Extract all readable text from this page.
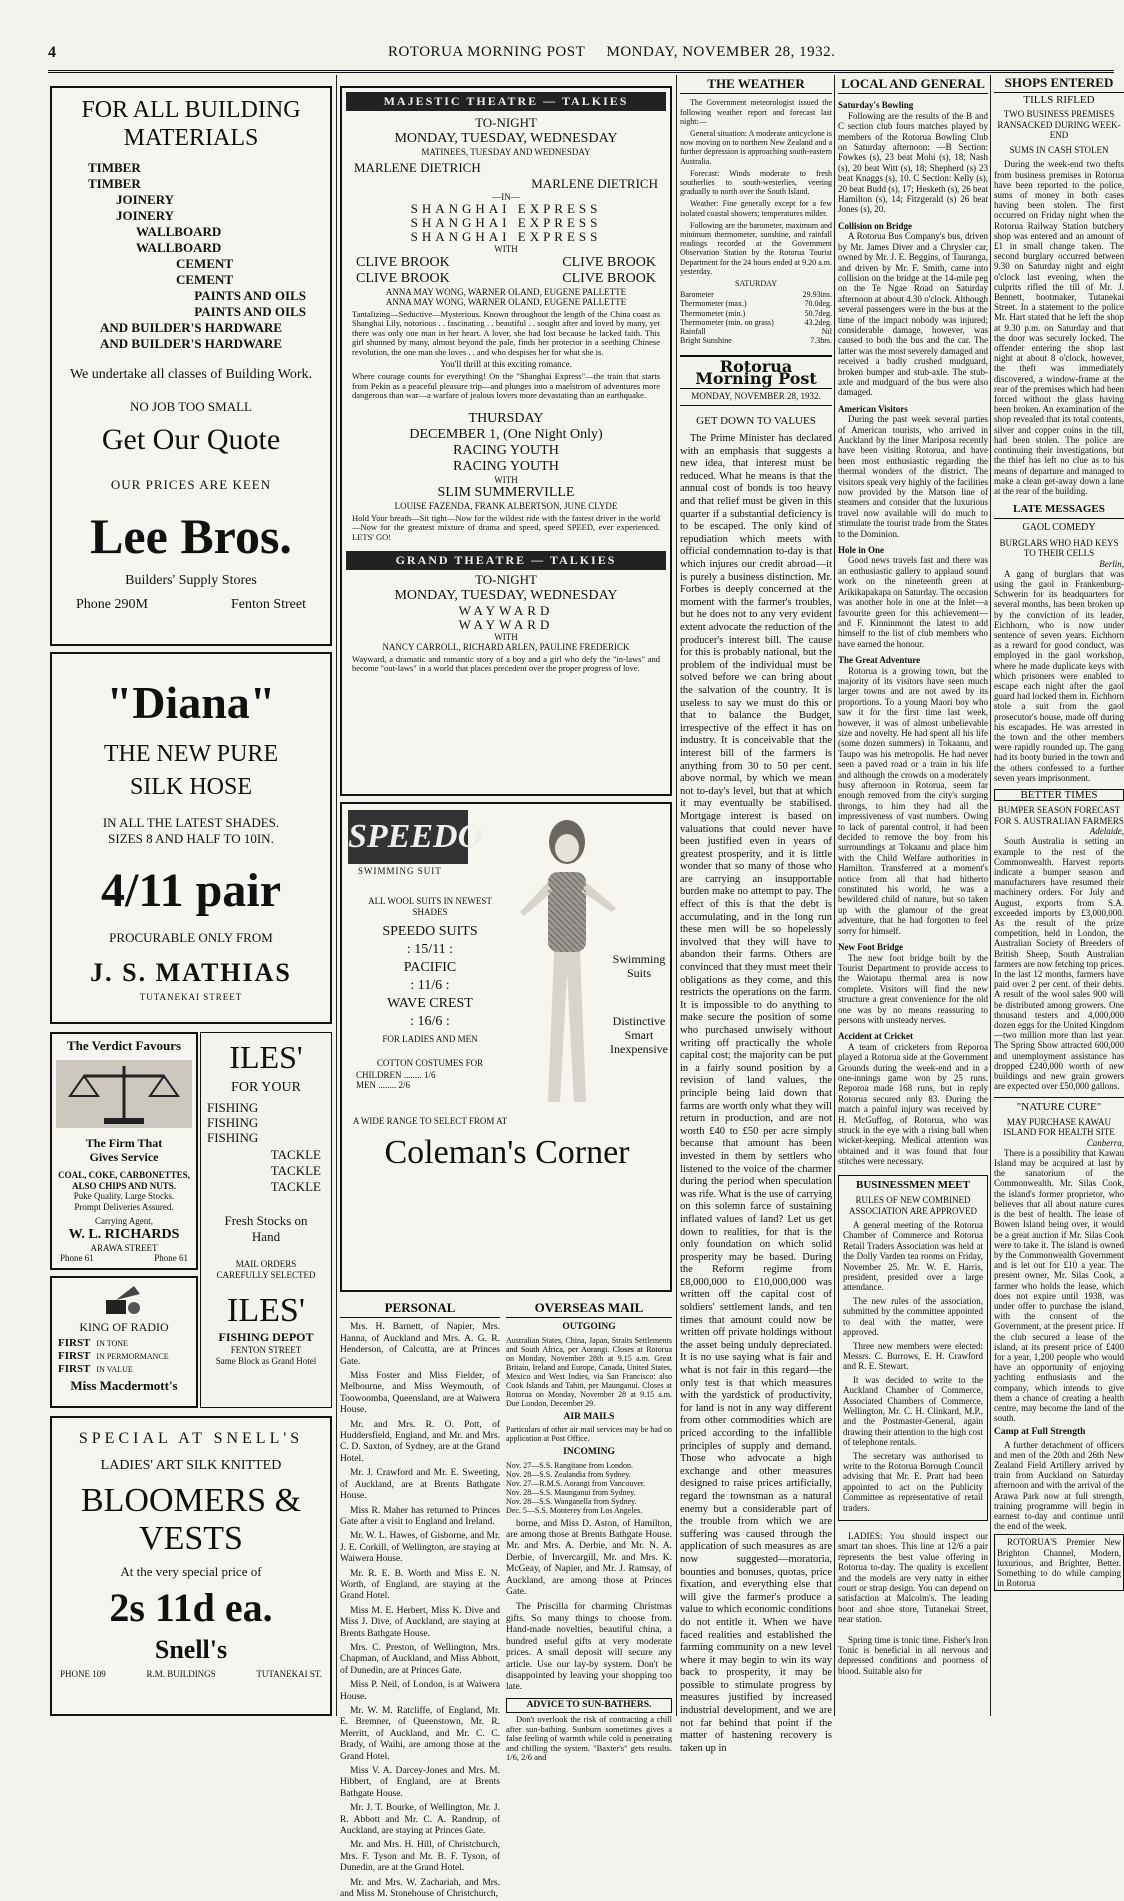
4	ROTORUA MORNING POST MONDAY, NOVEMBER 28, 1932.
FOR ALL BUILDING MATERIALS
TIMBER
TIMBER
JOINERY
JOINERY
WALLBOARD
WALLBOARD
CEMENT
CEMENT
PAINTS AND OILS
PAINTS AND OILS
AND BUILDER'S HARDWARE
AND BUILDER'S HARDWARE
We undertake all classes of Building Work.
NO JOB TOO SMALL
Get Our Quote
OUR PRICES ARE KEEN
Lee Bros.
Builders' Supply Stores
Phone 290M	Fenton Street
"Diana"
THE NEW PURE
SILK HOSE
IN ALL THE LATEST SHADES.
SIZES 8 AND HALF TO 10IN.
4/11 pair
PROCURABLE ONLY FROM
J. S. MATHIAS
TUTANEKAI STREET
The Verdict Favours
The Firm That Gives Service
COAL, COKE, CARBONETTES, ALSO CHIPS AND NUTS.
Puke Quality. Large Stocks.
Prompt Deliveries Assured.
Carrying Agent,
W. L. RICHARDS
ARAWA STREET
Phone 61	Phone 61
KING OF RADIO
FIRST IN TONE
FIRST IN PERMORMANCE
FIRST IN VALUE
Miss Macdermott's
ILES'
FOR YOUR
FISHING
FISHING
FISHING
TACKLE
TACKLE
TACKLE
Fresh Stocks on Hand
MAIL ORDERS CAREFULLY SELECTED
ILES'
FISHING DEPOT
FENTON STREET
Same Block as Grand Hotel
SPECIAL AT SNELL'S
LADIES' ART SILK KNITTED
BLOOMERS &
VESTS
At the very special price of
2s 11d ea.
Snell's
PHONE 109	R.M. BUILDINGS	TUTANEKAI ST.
MAJESTIC THEATRE — TALKIES
TO-NIGHT
MONDAY, TUESDAY, WEDNESDAY
MATINEES, TUESDAY AND WEDNESDAY
MARLENE DIETRICH
MARLENE DIETRICH
—IN—
SHANGHAI EXPRESS
SHANGHAI EXPRESS
SHANGHAI EXPRESS
WITH
CLIVE BROOK	CLIVE BROOK
CLIVE BROOK	CLIVE BROOK
ANNA MAY WONG, WARNER OLAND, EUGENE PALLETTE
ANNA MAY WONG, WARNER OLAND, EUGENE PALLETTE
Tantalizing—Seductive—Mysterious. Known throughout the length of the China coast as Shanghai Lily, notorious . . fascinating . . beautiful . . sought after and loved by many, yet there was only one man in her heart. A lover, she had lost because he lacked faith. This girl shunned by many, almost beyond the pale, finds her protector in a seething Chinese revolution, the one man she loves . . and who despises her for what she is.
You'll thrill at this exciting romance.
Where courage counts for everything! On the "Shanghai Express"—the train that starts from Pekin as a peaceful pleasure trip—and plunges into a maelstrom of adventures more dangerous than war—a warfare of jealous lovers more devastating than an earthquake.
THURSDAY
DECEMBER 1, (One Night Only)
RACING YOUTH
RACING YOUTH
WITH
SLIM SUMMERVILLE
LOUISE FAZENDA, FRANK ALBERTSON, JUNE CLYDE
Hold Your breath—Sit tight—Now for the wildest ride with the fastest driver in the world—Now for the greatest mixture of drama and speed, speed SPEED, ever experienced. LETS' GO!
GRAND THEATRE — TALKIES
TO-NIGHT
MONDAY, TUESDAY, WEDNESDAY
WAYWARD
WAYWARD
WITH
NANCY CARROLL, RICHARD ARLEN, PAULINE FREDERICK
Wayward, a dramatic and romantic story of a boy and a girl who defy the "in-laws" and become "out-laws" in a world that places precedent over the proper progress of love.
SPEEDO
SWIMMING SUIT
ALL WOOL SUITS IN NEWEST SHADES
SPEEDO SUITS
: 15/11 :
PACIFIC
: 11/6 :
WAVE CREST
: 16/6 :
FOR LADIES AND MEN
COTTON COSTUMES FOR
CHILDREN ........ 1/6
MEN ........ 2/6
Swimming Suits
Distinctive Smart Inexpensive
A WIDE RANGE TO SELECT FROM AT
Coleman's Corner
PERSONAL

Mrs. H. Barnett, of Napier, Mrs. Hanna, of Auckland and Mrs. A. G. R. Henderson, of Calcutta, are at Princes Gate.

Miss Foster and Miss Fielder, of Melbourne, and Miss Weymouth, of Toowoomba, Queensland, are at Waiwera House.

Mr. and Mrs. R. O. Pott, of Huddersfield, England, and Mr. and Mrs. C. D. Saxton, of Sydney, are at the Grand Hotel.

Mr. J. Crawford and Mr. E. Sweeting, of Auckland, are at Brents Bathgate House.

Miss R. Maher has returned to Princes Gate after a visit to England and Ireland.

Mr. W. L. Hawes, of Gisborne, and Mr. J. E. Corkill, of Wellington, are staying at Waiwera House.

Mr. R. E. B. Worth and Miss E. N. Worth, of England, are staying at the Grand Hotel.

Miss M. E. Herbert, Miss K. Dive and Miss J. Dive, of Auckland, are staying at Brents Bathgate House.

Mrs. C. Preston, of Wellington, Mrs. Chapman, of Auckland, and Miss Abbott, of Dunedin, are at Princes Gate.

Miss P. Neil, of London, is at Waiwera House.

Mr. W. M. Ratcliffe, of England, Mr. E. Bremner, of Queenstown, Mr. R. Merritt, of Auckland, and Mr. C. C. Brady, of Waihi, are among those at the Grand Hotel.

Miss V. A. Darcey-Jones and Mrs. M. Hibbert, of England, are at Brents Bathgate House.

Mr. J. T. Bourke, of Wellington, Mr. J. R. Abbott and Mr. C. A. Randrup, of Auckland, are staying at Princes Gate.

Mr. and Mrs. H. Hill, of Christchurch, Mrs. F. Tyson and Mr. B. F. Tyson, of Dunedin, are at the Grand Hotel.

Mr. and Mrs. W. Zachariah, and Mrs. and Miss M. Stonehouse of Christchurch,

OVERSEAS MAIL
OUTGOING
Australian States, China, Japan, Straits Settlements and South Africa, per Aorangi. Closes at Rotorua on Monday, November 28th at 9.15 a.m. Great Britain, Ireland and Europe, Canada, United States, Mexico and West Indies, via San Francisco: also Cook Islands and Tahiti, per Maunganui. Closes at Rotorua on Monday, November 28 at 9.15 a.m. Due London, December 29.
AIR MAILS
Particulars of other air mail services may be had on application at Post Office.
INCOMING
Nov. 27—S.S. Rangitane from London.
Nov. 28—S.S. Zealandia from Sydney.
Nov. 27—R.M.S. Aorangi from Vancouver.
Nov. 28—S.S. Maunganui from Sydney.
Nov. 28—S.S. Wanganella from Sydney.
Dec. 5—S.S. Monterey from Los Angeles.

borne, and Miss D. Aston, of Hamilton, are among those at Brents Bathgate House. Mr. and Mrs. A. Derbie, and Mr. N. A. Derbie, of Invercargill, Mr. and Mrs. K. McGeay, of Napier, and Mr. J. Ramsay, of Auckland, are among those at Princes Gate.

The Priscilla for charming Christmas gifts. So many things to choose from. Hand-made novelties, beautiful china, a hundred useful gifts at very moderate prices. A small deposit will secure any article. Use our lay-by system. Don't be disappointed by leaving your shopping too late.

ADVICE TO SUN-BATHERS.

Don't overlook the risk of contracting a chill after sun-bathing. Sunburn sometimes gives a false feeling of warmth while cold is penetrating and chilling the system. "Baxter's" gets results. 1/6, 2/6 and

THE WEATHER

The Government meteorologist issued the following weather report and forecast last night:—

General situation: A moderate anticyclone is now moving on to northern New Zealand and a further depression is approaching south-eastern Australia.

Forecast: Winds moderate to fresh southerlies to south-westerlies, veering gradually to north over the South Island.

Weather: Fine generally except for a few isolated coastal showers; temperatures milder.

Following are the barometer, maximum and minimum thermometer, sunshine, and rainfall readings recorded at the Government Observation Station by the Rotorua Tourist Department for the 24 hours ended at 9.20 a.m. yesterday.

SATURDAY
Barometer	29.93ins.
Thermometer (max.)	70.0deg.
Thermometer (min.)	50.7deg.
Thermometer (min. on grass)	43.2deg.
Rainfall	Nil
Bright Sunshine	7.3hrs.
Rotorua Morning Post
MONDAY, NOVEMBER 28, 1932.
GET DOWN TO VALUES

The Prime Minister has declared with an emphasis that suggests a new idea, that interest must be reduced. What he means is that the annual cost of bonds is too heavy and that relief must be given in this quarter if a substantial deficiency is to be escaped. The only kind of repudiation which meets with official condemnation to-day is that which injures our credit abroad—it is purely a business distinction. Mr. Forbes is deeply concerned at the moment with the farmer's troubles, but he does not to any very evident extent advocate the reduction of the producer's interest bill. The cause for this is probably national, but the problem of the individual must be solved before we can bring about the salvation of the country. It is useless to say we must do this or that to balance the Budget, irrespective of the effect it has on industry. It is conceivable that the interest bill of the farmers is anything from 30 to 50 per cent. above normal, by which we mean not to-day's level, but that at which it may eventually be stabilised. Mortgage interest is based on valuations that could never have been justified even in years of greatest prosperity, and it is little wonder that so many of those who are carrying an insupportable burden make no attempt to pay. The effect of this is that the debt is accumulating, and in the long run these men will be so hopelessly involved that they will have to abandon their farms. Others are convinced that they must meet their obligations as they come, and this restricts the operations on the farm. It is impossible to do anything to make secure the position of some who purchased unwisely without writing off practically the whole capital cost; the majority can be put in a fairly sound position by a revision of land values, the principle being laid down that farms are worth only what they will return in production, and are not worth £40 to £50 per acre simply because that amount has been invested in them by settlers who listened to the voice of the charmer during the period when speculation was rife. What is the use of carrying on this solemn farce of sustaining inflated values of land? Let us get down to realities, for that is the only foundation on which solid prosperity may be based. During the Reform regime from £8,000,000 to £10,000,000 was written off the capital cost of soldiers' settlement lands, and ten times that amount could now be written off private holdings without the asset being unduly depreciated. It is no use saying what is fair and what is not fair in this regard—the only test is that which measures with the yardstick of productivity, for land is not in any way different from other commodities which are priced according to the infallible principles of supply and demand. Those who advocate a high exchange and other measures designed to raise prices artificially, regard the townsman as a natural enemy but a considerable part of the trouble from which we are suffering was caused through the application of such measures as are now suggested—moratoria, bounties and bonuses, quotas, price fixation, and everything else that will give the farmer's produce a value to which economic conditions do not entitle it. When we have faced realities and established the farming community on a new level where it may begin to win its way back to prosperity, it may be possible to stimulate progress by measures justified by increased industrial development, and we are not far behind that point if the matter of hastening recovery is taken up in

LOCAL AND GENERAL
Saturday's Bowling

Following are the results of the B and C section club fours matches played by members of the Rotorua Bowling Club on Saturday afternoon: —B Section: Fowkes (s), 23 beat Mohi (s), 18; Nash (s), 20 beat Witt (s), 18; Shepherd (s) 23 beat Knaggs (s), 10. C Section: Kelly (s), 20 beat Budd (s), 17; Hesketh (s), 26 beat Hamilton (s), 14; Fitzgerald (s) 26 beat Jones (s), 20.

Collision on Bridge

A Rotorua Bus Company's bus, driven by Mr. James Diver and a Chrysler car, owned by Mr. J. E. Beggins, of Tauranga, and driven by Mr. F. Smith, came into collision on the bridge at the 14-mile peg on the Te Ngae Road on Saturday afternoon at about 4.30 o'clock. Although several passengers were in the bus at the time of the impact nobody was injured; considerable damage, however, was caused to both the bus and the car. The latter was the most severely damaged and received a badly crushed mudguard, broken bumper and stub-axle. The stub-axle and mudguard of the bus were also damaged.

American Visitors

During the past week several parties of American tourists, who arrived in Auckland by the liner Mariposa recently have been visiting Rotorua, and have been most enthusiastic regarding the thermal wonders of the district. The visitors speak very highly of the facilities now provided by the Matson line of steamers and consider that the luxurious travel now available will do much to stimulate the tourist trade from the States to the Dominion.

Hole in One

Good news travels fast and there was an enthusiastic gallery to applaud sound work on the nineteenth green at Arikikapakapa on Saturday. The occasion was another hole in one at the Inlet—a favourite green for this achievement—and F. Kinninmont the latest to add himself to the list of club members who have earned the honour.

The Great Adventure

Rotorua is a growing town, but the majority of its visitors have seen much larger towns and are not awed by its proportions. To a young Maori boy who saw it for the first time last week, however, it was of almost unbelievable size and novelty. He had spent all his life (some dozen summers) in Tokaanu, and Taupo was his metropolis. He had never seen a paved road or a train in his life and although the crowds on a moderately busy afternoon in Rotorua, seem far enough removed from the city's surging throngs, to him they had all the impressiveness of vast numbers. Owing to lack of parental control, it had been decided to remove the boy from his surroundings at Tokaanu and place him with the Child Welfare authorities in Hamilton. Transferred at a moment's notice from all that had hitherto constituted his world, he was a bewildered child of nature, but so taken up with the glamour of the great adventure, that he had forgotten to feel sorry for himself.

New Foot Bridge

The new foot bridge built by the Tourist Department to provide access to the Waiotapu thermal area is now complete. Visitors will find the new structure a great convenience for the old one was by no means reassuring to persons with unsteady nerves.

Accident at Cricket

A team of cricketers from Reporoa played a Rotorua side at the Government Grounds during the week-end and in a one-innings game won by 25 runs. Reporoa made 168 runs, but in reply Rotorua secured only 83. During the match a painful injury was received by H. McGuffog, of Rotorua, who was struck in the eye with a rising ball when wicket-keeping. Medical attention was obtained and it was found that four stitches were necessary.

BUSINESSMEN MEET
RULES OF NEW COMBINED ASSOCIATION ARE APPROVED

A general meeting of the Rotorua Chamber of Commerce and Rotorua Retail Traders Association was held at the Dolly Varden tea rooms on Friday, November 25. Mr. W. E. Harris, president, presided over a large attendance.

The new rules of the association, submitted by the committee appointed to deal with the matter, were approved.

Three new members were elected: Messrs. C. Burrows, E. H. Crawford and R. E. Stewart.

It was decided to write to the Auckland Chamber of Commerce, Associated Chambers of Commerce, Wellington, Mr. C. H. Clinkard, M.P., and the Postmaster-General, again drawing their attention to the high cost of telephone rentals.

The secretary was authorised to write to the Rotorua Borough Council advising that Mr. E. Pratt had been appointed to act on the Publicity Committee as representative of retail traders.

LADIES: You should inspect our smart tan shoes. This line at 12/6 a pair represents the best value offering in Rotorua to-day. The quality is excellent and the models are very natty in either court or strap design. You can depend on satisfaction at Malcolm's. The leading boot and shoe store, Tutanekai Street, near station.

Spring time is tonic time. Fisher's Iron Tonic is beneficial in all nervous and depressed conditions and poorness of blood. Suitable also for

SHOPS ENTERED
TILLS RIFLED
TWO BUSINESS PREMISES RANSACKED DURING WEEK-END
SUMS IN CASH STOLEN

During the week-end two thefts from business premises in Rotorua have been reported to the police, sums of money in both cases having been stolen. The first occurred on Friday night when the Rotorua Railway Station butchery shop was entered and an amount of £1 in small change taken. The second burglary occurred between 9.30 on Saturday night and eight o'clock last evening, when the culprits rifled the till of Mr. J. Bennett, bootmaker, Tutanekai Street. In a statement to the police Mr. Hart stated that he left the shop at 9.30 p.m. on Saturday and that the door was securely locked. The offender entering the shop last night at about 8 o'clock, however, the theft was immediately discovered, a window-frame at the rear of the premises which had been forced without the glass having been broken. An examination of the shop revealed that its total contents, silver and copper coins in the till, had been stolen. The police are continuing their investigations, but the thief has left no clue as to his means of departure and managed to make a clean get-away down a lane at the rear of the building.

LATE MESSAGES
GAOL COMEDY
BURGLARS WHO HAD KEYS TO THEIR CELLS
Berlin,

A gang of burglars that was using the gaol in Frankenburg-Schwerin for its headquarters for several months, has been broken up by the conviction of its leader, Eichhorn, who is now under sentence of seven years. Eichhorn as a reward for good conduct, was employed in the gaol workshop, where he made duplicate keys with which prisoners were enabled to escape each night after the gaol guard had locked them in. Eichhorn stole a suit from the gaol prosecutor's house, made off during his escapades. He was arrested in the town and the other members were rapidly rounded up. The gang had its booty buried in the town and the others confessed to a further seven years imprisonment.

BETTER TIMES
BUMPER SEASON FORECAST FOR S. AUSTRALIAN FARMERS
Adelaide,

South Australia is setting an example to the rest of the Commonwealth. Harvest reports indicate a bumper season and manufacturers have resumed their machinery orders. For July and August, exports from S.A. exceeded imports by £3,000,000. As the result of the prize competition, held in London, the Australian Society of Breeders of British Sheep, South Australian farmers are now fetching top prices. In the last 12 months, farmers have paid over 2 per cent. of their debts. A result of the wool sales 900 will be distributed among growers. One thousand testers and 4,000,000 dozen eggs for the United Kingdom—two million more than last year. The Spring Show attracted 600,000 and unemployment assistance has dropped £240,000 worth of new buildings and new grain growers are expected over £50,000 gallons.

"NATURE CURE"
MAY PURCHASE KAWAU ISLAND FOR HEALTH SITE
Canberra,

There is a possibility that Kawau Island may be acquired at last by the sanatorium of the Commonwealth. Mr. Silas Cook, the island's former proprietor, who believes that all about nature cures is the best of health. The lease of Bowen Island being over, it would be a great auction if Mr. Silas Cook were to take it. The island is owned by the Commonwealth Government and is let out for £10 a year. The present owner, Mr. Silas Cook, a farmer who holds the lease, which does not expire until 1938, was under offer to purchase the island, with the consent of the Government, at the present price. If the club secured a lease of the island, at its present price of £400 for a year, 1,200 people who would have an opportunity of enjoying yachting enthusiasts and the company, which intends to give them a chance of creating a health centre, may become the land of the south.

Camp at Full Strength

A further detachment of officers and men of the 20th and 26th New Zealand Field Artillery arrived by train from Auckland on Saturday afternoon and with the arrival of the Arawa Park now at full strength, training programme will begin in earnest to-day and continue until the end of the week.

ROTORUA'S Premier New Brighton Channel, Modern, luxurious, and Brighter, Better. Something to do while camping in Rotorua
